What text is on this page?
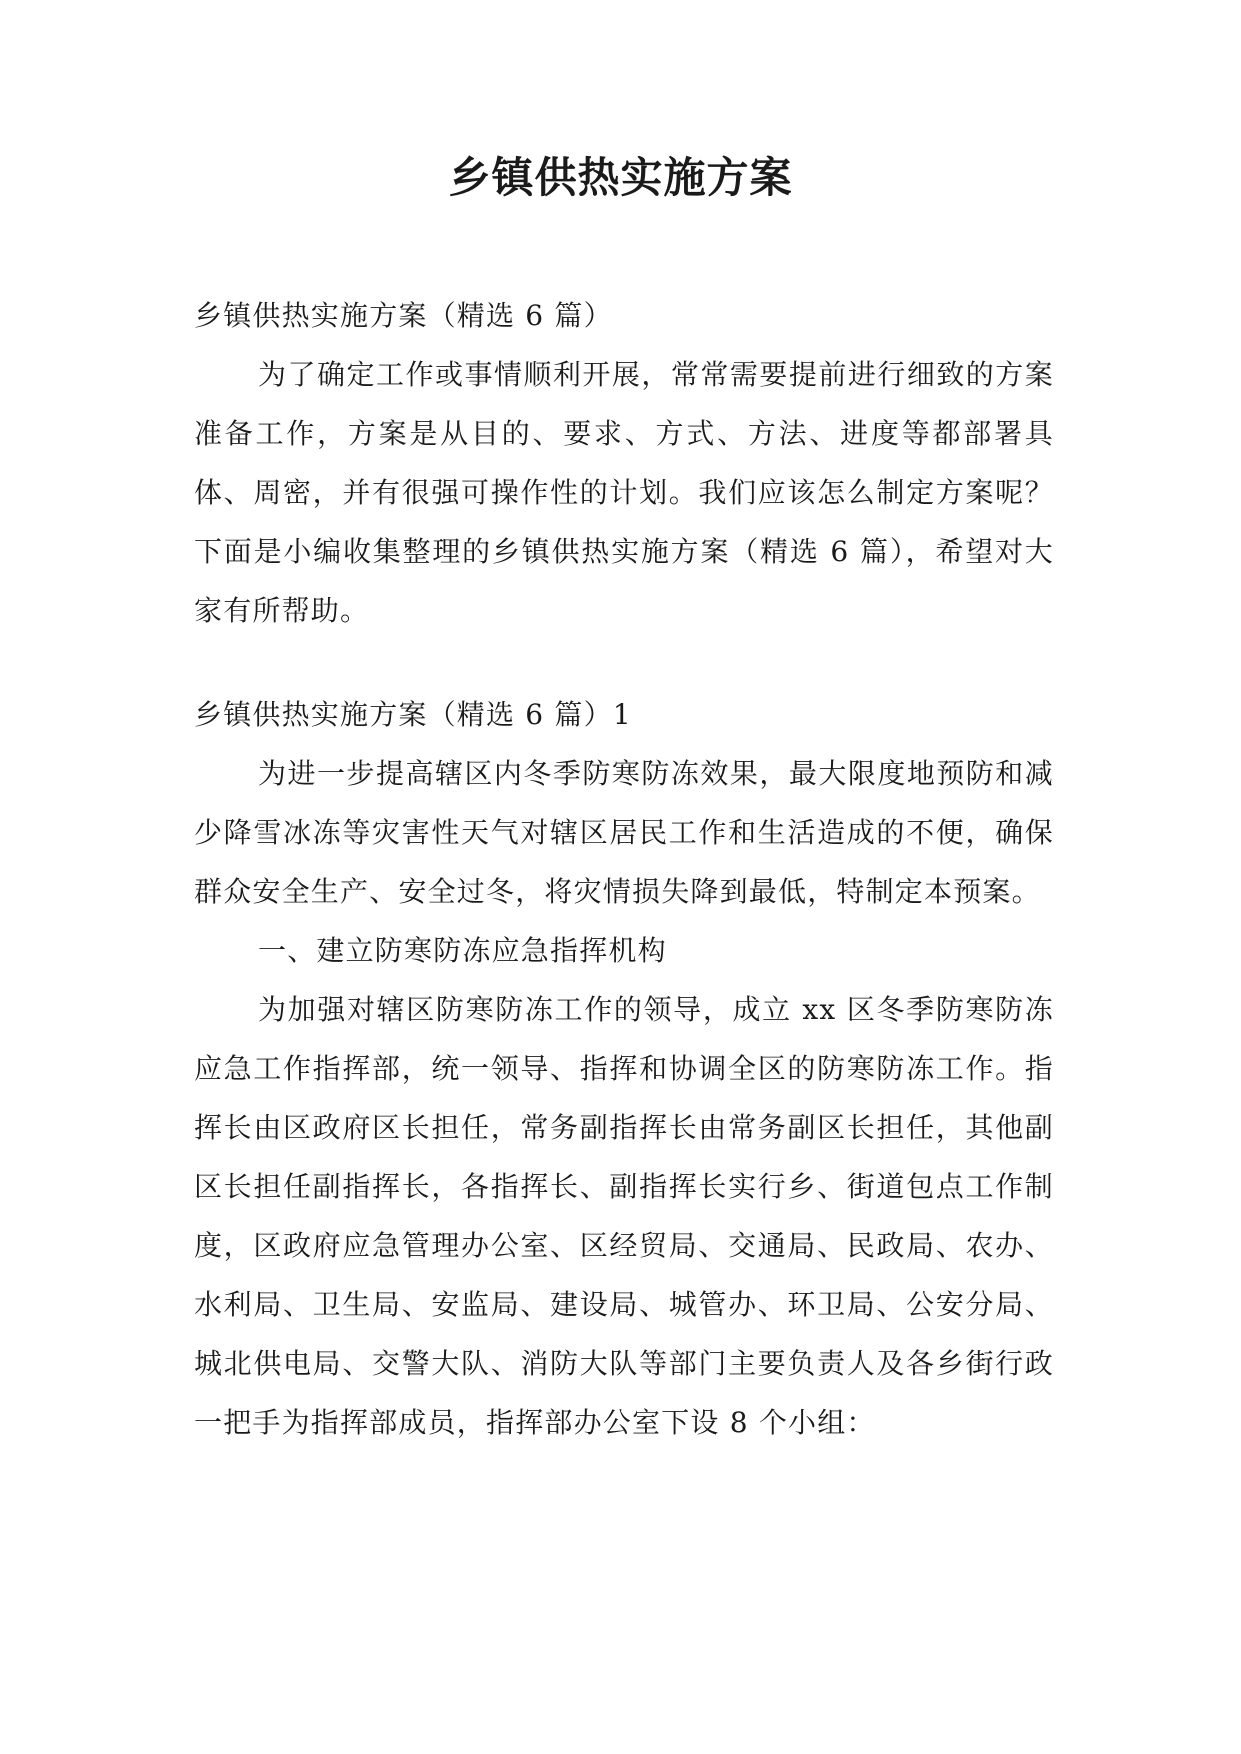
乡镇供热实施方案

乡镇供热实施方案（精选 6 篇）

为了确定工作或事情顺利开展，常常需要提前进行细致的方案准备工作，方案是从目的、要求、方式、方法、进度等都部署具体、周密，并有很强可操作性的计划。我们应该怎么制定方案呢？下面是小编收集整理的乡镇供热实施方案（精选 6 篇），希望对大家有所帮助。

乡镇供热实施方案（精选 6 篇）1

为进一步提高辖区内冬季防寒防冻效果，最大限度地预防和减少降雪冰冻等灾害性天气对辖区居民工作和生活造成的不便，确保群众安全生产、安全过冬，将灾情损失降到最低，特制定本预案。

一、建立防寒防冻应急指挥机构

为加强对辖区防寒防冻工作的领导，成立 xx 区冬季防寒防冻应急工作指挥部，统一领导、指挥和协调全区的防寒防冻工作。指挥长由区政府区长担任，常务副指挥长由常务副区长担任，其他副区长担任副指挥长，各指挥长、副指挥长实行乡、街道包点工作制度，区政府应急管理办公室、区经贸局、交通局、民政局、农办、水利局、卫生局、安监局、建设局、城管办、环卫局、公安分局、城北供电局、交警大队、消防大队等部门主要负责人及各乡街行政一把手为指挥部成员，指挥部办公室下设 8 个小组：
